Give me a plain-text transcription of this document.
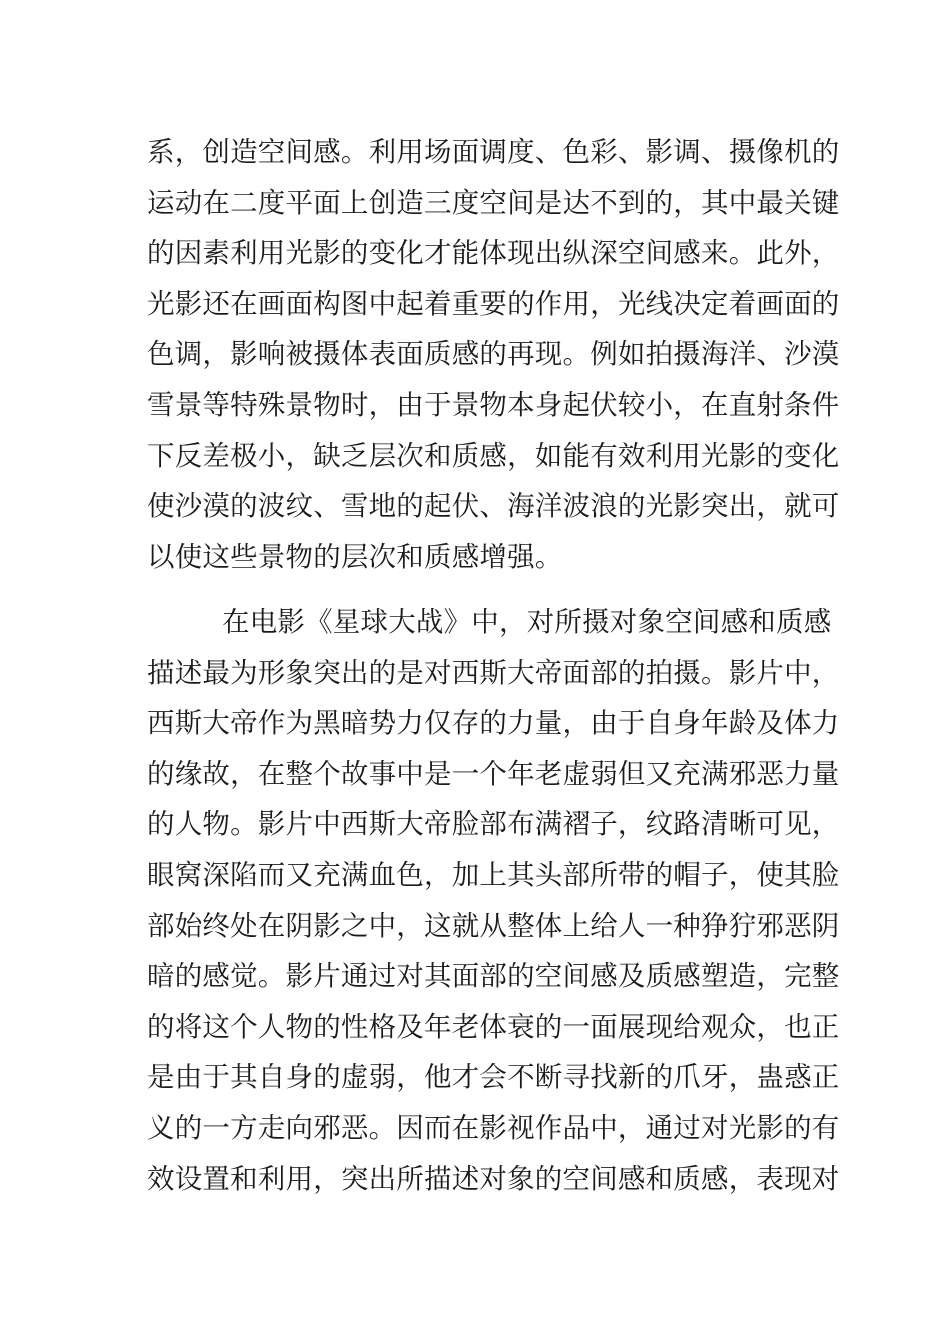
系，创造空间感。利用场面调度、色彩、影调、摄像机的
运动在二度平面上创造三度空间是达不到的，其中最关键
的因素利用光影的变化才能体现出纵深空间感来。此外，
光影还在画面构图中起着重要的作用，光线决定着画面的
色调，影响被摄体表面质感的再现。例如拍摄海洋、沙漠
雪景等特殊景物时，由于景物本身起伏较小，在直射条件
下反差极小，缺乏层次和质感，如能有效利用光影的变化
使沙漠的波纹、雪地的起伏、海洋波浪的光影突出，就可
以使这些景物的层次和质感增强。
在电影《星球大战》中，对所摄对象空间感和质感
描述最为形象突出的是对西斯大帝面部的拍摄。影片中，
西斯大帝作为黑暗势力仅存的力量，由于自身年龄及体力
的缘故，在整个故事中是一个年老虚弱但又充满邪恶力量
的人物。影片中西斯大帝脸部布满褶子，纹路清晰可见，
眼窝深陷而又充满血色，加上其头部所带的帽子，使其脸
部始终处在阴影之中，这就从整体上给人一种狰狞邪恶阴
暗的感觉。影片通过对其面部的空间感及质感塑造，完整
的将这个人物的性格及年老体衰的一面展现给观众，也正
是由于其自身的虚弱，他才会不断寻找新的爪牙，蛊惑正
义的一方走向邪恶。因而在影视作品中，通过对光影的有
效设置和利用，突出所描述对象的空间感和质感，表现对
